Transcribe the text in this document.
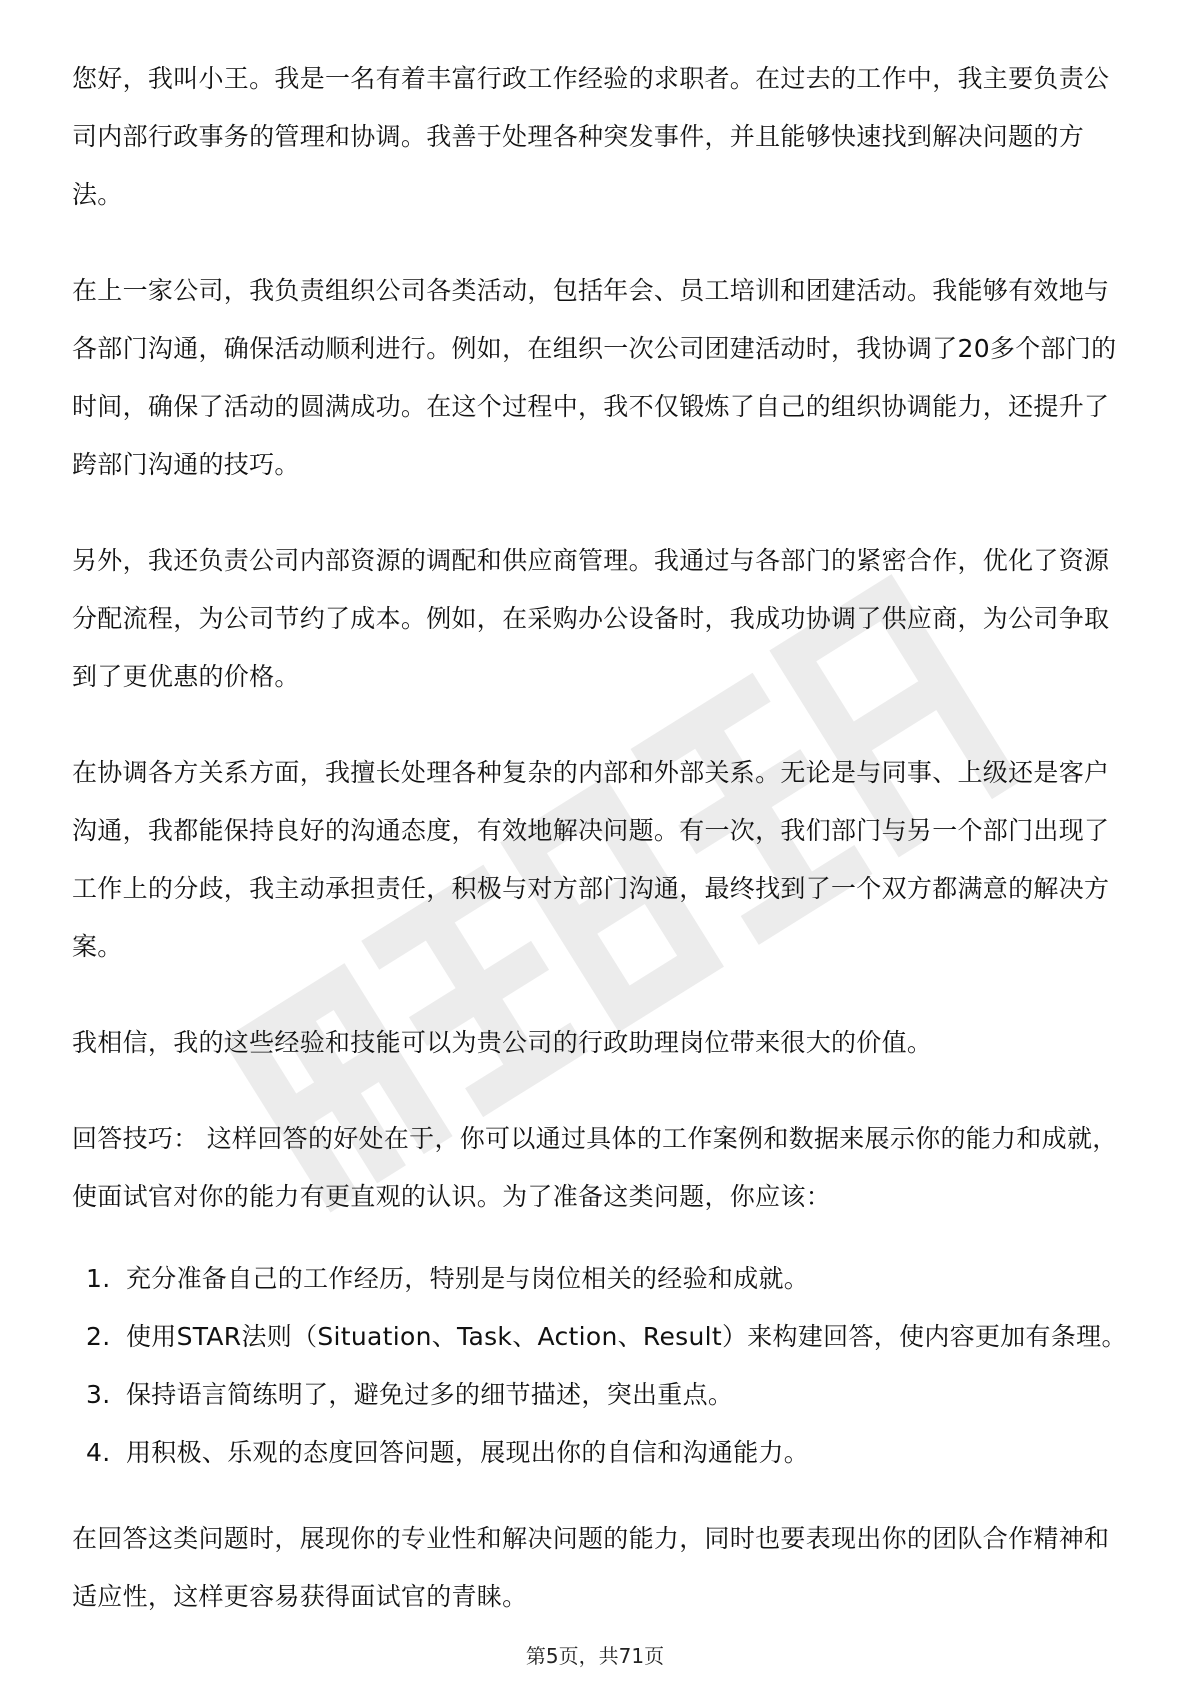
您好，我叫小王。我是一名有着丰富行政工作经验的求职者。在过去的工作中，我主要负责公司内部行政事务的管理和协调。我善于处理各种突发事件，并且能够快速找到解决问题的方法。

在上一家公司，我负责组织公司各类活动，包括年会、员工培训和团建活动。我能够有效地与各部门沟通，确保活动顺利进行。例如，在组织一次公司团建活动时，我协调了20多个部门的时间，确保了活动的圆满成功。在这个过程中，我不仅锻炼了自己的组织协调能力，还提升了跨部门沟通的技巧。

另外，我还负责公司内部资源的调配和供应商管理。我通过与各部门的紧密合作，优化了资源分配流程，为公司节约了成本。例如，在采购办公设备时，我成功协调了供应商，为公司争取到了更优惠的价格。

在协调各方关系方面，我擅长处理各种复杂的内部和外部关系。无论是与同事、上级还是客户沟通，我都能保持良好的沟通态度，有效地解决问题。有一次，我们部门与另一个部门出现了工作上的分歧，我主动承担责任，积极与对方部门沟通，最终找到了一个双方都满意的解决方案。

我相信，我的这些经验和技能可以为贵公司的行政助理岗位带来很大的价值。

回答技巧： 这样回答的好处在于，你可以通过具体的工作案例和数据来展示你的能力和成就，使面试官对你的能力有更直观的认识。为了准备这类问题，你应该：

1. 充分准备自己的工作经历，特别是与岗位相关的经验和成就。
2. 使用STAR法则（Situation、Task、Action、Result）来构建回答，使内容更加有条理。
3. 保持语言简练明了，避免过多的细节描述，突出重点。
4. 用积极、乐观的态度回答问题，展现出你的自信和沟通能力。

在回答这类问题时，展现你的专业性和解决问题的能力，同时也要表现出你的团队合作精神和适应性，这样更容易获得面试官的青睐。

第5页，共71页
